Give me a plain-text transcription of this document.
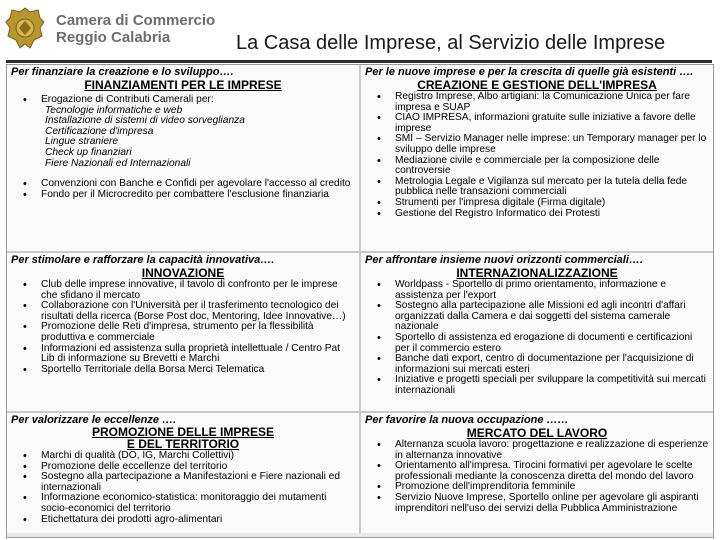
Camera di Commercio
Reggio Calabria	La Casa delle Imprese, al Servizio delle Imprese
Per finanziare la creazione e lo sviluppo….
FINANZIAMENTI PER LE IMPRESE
• Erogazione di Contributi Camerali per:
Tecnologie informatiche e web
Installazione di sistemi di video sorveglianza
Certificazione d'impresa
Lingue straniere
Check up finanziari
Fiere Nazionali ed Internazionali
• Convenzioni con Banche e Confidi per agevolare l'accesso al credito
• Fondo per il Microcredito per combattere l'esclusione finanziaria
Per le nuove imprese e per la crescita di quelle già esistenti ….
CREAZIONE E GESTIONE DELL'IMPRESA
• Registro Imprese, Albo artigiani: la Comunicazione Unica per fare impresa e SUAP
• CIAO IMPRESA, informazioni gratuite sulle iniziative a favore delle imprese
• SMI – Servizio Manager nelle imprese: un Temporary manager per lo sviluppo delle imprese
• Mediazione civile e commerciale per la composizione delle controversie
• Metrologia Legale e Vigilanza sul mercato per la tutela della fede pubblica nelle transazioni commerciali
• Strumenti per l'impresa digitale (Firma digitale)
• Gestione del Registro Informatico dei Protesti
Per stimolare e rafforzare la capacità innovativa….
INNOVAZIONE
• Club delle imprese innovative, il tavolo di confronto per le imprese che sfidano il mercato
• Collaborazione con l'Università per il trasferimento tecnologico dei risultati della ricerca (Borse Post doc, Mentoring, Idee Innovative…)
• Promozione delle Reti d'impresa, strumento per la flessibilità produttiva e commerciale
• Informazioni ed assistenza sulla proprietà intellettuale / Centro Pat Lib di informazione su Brevetti e Marchi
• Sportello Territoriale della Borsa Merci Telematica
Per affrontare insieme nuovi orizzonti commerciali….
INTERNAZIONALIZZAZIONE
• Worldpass - Sportello di primo orientamento, informazione e assistenza per l'export
• Sostegno alla partecipazione alle Missioni ed agli incontri d'affari organizzati dalla Camera e dai soggetti del sistema camerale nazionale
• Sportello di assistenza ed erogazione di documenti e certificazioni per il commercio estero
• Banche dati export, centro di documentazione per l'acquisizione di informazioni sui mercati esteri
• Iniziative e progetti speciali per sviluppare la competitività sui mercati internazionali
Per valorizzare le eccellenze ….
PROMOZIONE DELLE IMPRESE
E DEL TERRITORIO
• Marchi di qualità (DO, IG, Marchi Collettivi)
• Promozione delle eccellenze del territorio
• Sostegno alla partecipazione a Manifestazioni e Fiere nazionali ed internazionali
• Informazione economico-statistica: monitoraggio dei mutamenti socio-economici del territorio
• Etichettatura dei prodotti agro-alimentari
Per favorire la nuova occupazione ……
MERCATO DEL LAVORO
• Alternanza scuola lavoro: progettazione e realizzazione di esperienze in alternanza innovative
• Orientamento all'impresa. Tirocini formativi per agevolare le scelte professionali mediante la conoscenza diretta del mondo del lavoro
• Promozione dell'imprenditoria femminile
• Servizio Nuove Imprese, Sportello online per agevolare gli aspiranti imprenditori nell'uso dei servizi della Pubblica Amministrazione
